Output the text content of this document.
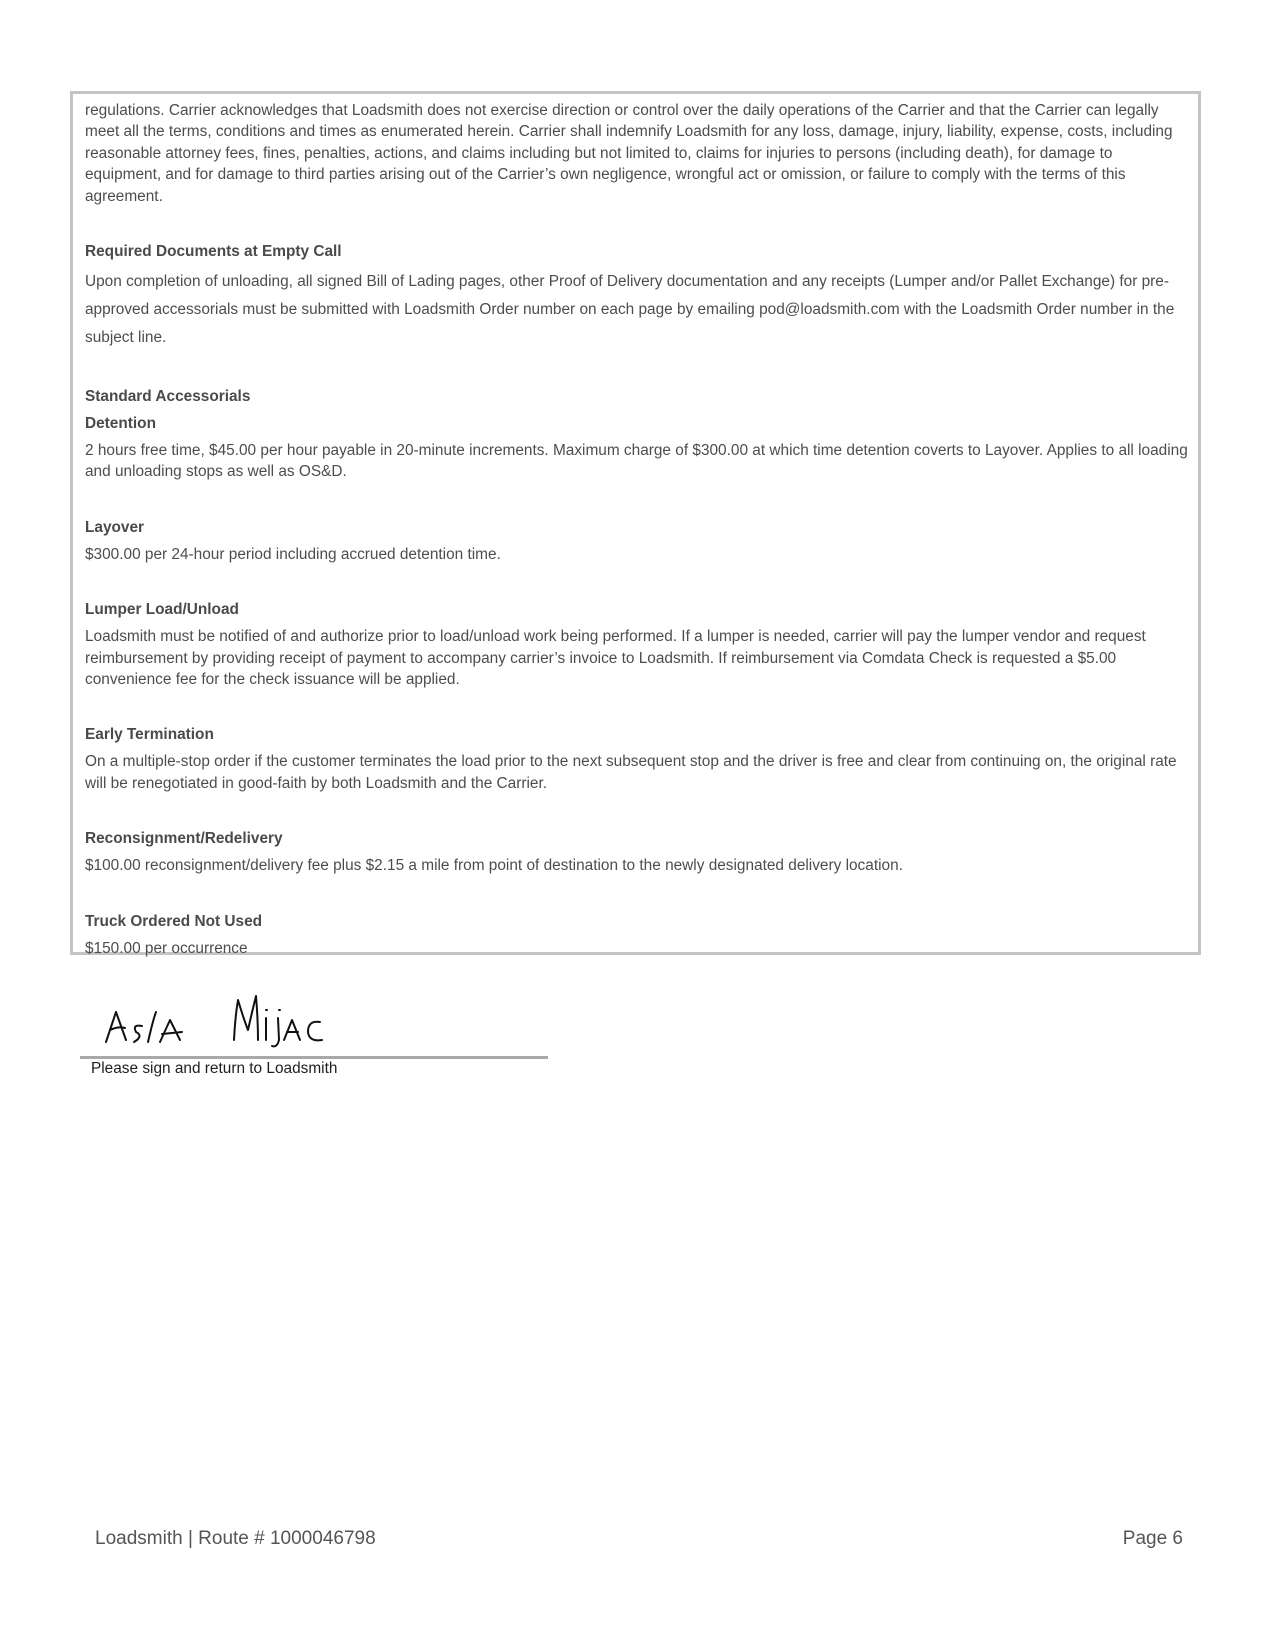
regulations. Carrier acknowledges that Loadsmith does not exercise direction or control over the daily operations of the Carrier and that the Carrier can legally meet all the terms, conditions and times as enumerated herein. Carrier shall indemnify Loadsmith for any loss, damage, injury, liability, expense, costs, including reasonable attorney fees, fines, penalties, actions, and claims including but not limited to, claims for injuries to persons (including death), for damage to equipment, and for damage to third parties arising out of the Carrier’s own negligence, wrongful act or omission, or failure to comply with the terms of this agreement.

Required Documents at Empty Call

Upon completion of unloading, all signed Bill of Lading pages, other Proof of Delivery documentation and any receipts (Lumper and/or Pallet Exchange) for pre-approved accessorials must be submitted with Loadsmith Order number on each page by emailing pod@loadsmith.com with the Loadsmith Order number in the subject line.

Standard Accessorials

Detention

2 hours free time, $45.00 per hour payable in 20-minute increments. Maximum charge of $300.00 at which time detention coverts to Layover. Applies to all loading and unloading stops as well as OS&D.

Layover

$300.00 per 24-hour period including accrued detention time.

Lumper Load/Unload

Loadsmith must be notified of and authorize prior to load/unload work being performed. If a lumper is needed, carrier will pay the lumper vendor and request reimbursement by providing receipt of payment to accompany carrier’s invoice to Loadsmith. If reimbursement via Comdata Check is requested a $5.00 convenience fee for the check issuance will be applied.

Early Termination

On a multiple-stop order if the customer terminates the load prior to the next subsequent stop and the driver is free and clear from continuing on, the original rate will be renegotiated in good-faith by both Loadsmith and the Carrier.

Reconsignment/Redelivery

$100.00 reconsignment/delivery fee plus $2.15 a mile from point of destination to the newly designated delivery location.

Truck Ordered Not Used

$150.00 per occurrence

Please sign and return to Loadsmith
Loadsmith | Route # 1000046798	Page 6
